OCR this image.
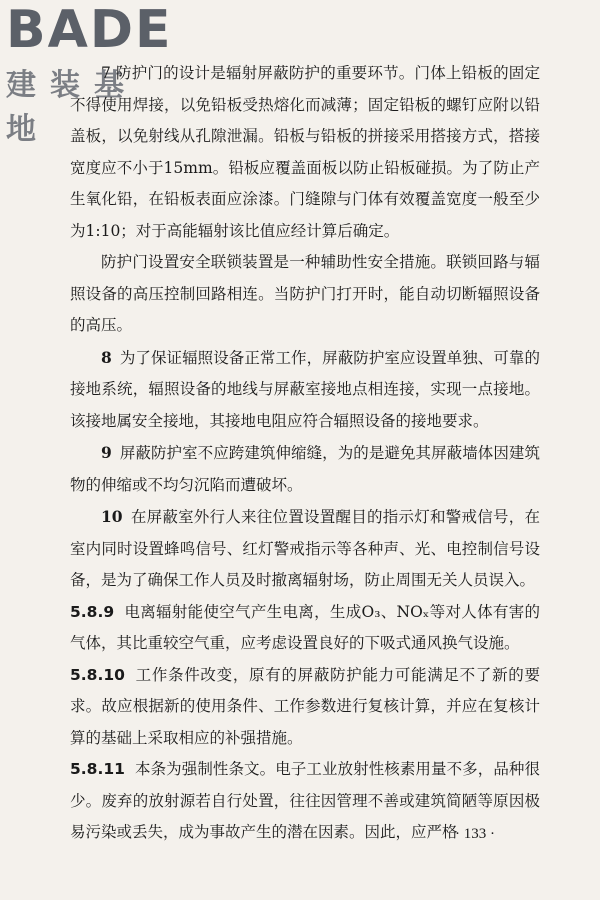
BADE
建装基地

7 防护门的设计是辐射屏蔽防护的重要环节。门体上铅板的固定不得使用焊接，以免铅板受热熔化而减薄；固定铅板的螺钉应附以铅盖板，以免射线从孔隙泄漏。铅板与铅板的拼接采用搭接方式，搭接宽度应不小于15mm。铅板应覆盖面板以防止铅板碰损。为了防止产生氧化铅，在铅板表面应涂漆。门缝隙与门体有效覆盖宽度一般至少为1:10；对于高能辐射该比值应经计算后确定。

防护门设置安全联锁装置是一种辅助性安全措施。联锁回路与辐照设备的高压控制回路相连。当防护门打开时，能自动切断辐照设备的高压。

8 为了保证辐照设备正常工作，屏蔽防护室应设置单独、可靠的接地系统，辐照设备的地线与屏蔽室接地点相连接，实现一点接地。该接地属安全接地，其接地电阻应符合辐照设备的接地要求。

9 屏蔽防护室不应跨建筑伸缩缝，为的是避免其屏蔽墙体因建筑物的伸缩或不均匀沉陷而遭破坏。

10 在屏蔽室外行人来往位置设置醒目的指示灯和警戒信号，在室内同时设置蜂鸣信号、红灯警戒指示等各种声、光、电控制信号设备，是为了确保工作人员及时撤离辐射场，防止周围无关人员误入。

5.8.9 电离辐射能使空气产生电离，生成O₃、NOₓ等对人体有害的气体，其比重较空气重，应考虑设置良好的下吸式通风换气设施。

5.8.10 工作条件改变，原有的屏蔽防护能力可能满足不了新的要求。故应根据新的使用条件、工作参数进行复核计算，并应在复核计算的基础上采取相应的补强措施。

5.8.11 本条为强制性条文。电子工业放射性核素用量不多，品种很少。废弃的放射源若自行处置，往往因管理不善或建筑简陋等原因极易污染或丢失，成为事故产生的潜在因素。因此，应严格

· 133 ·
